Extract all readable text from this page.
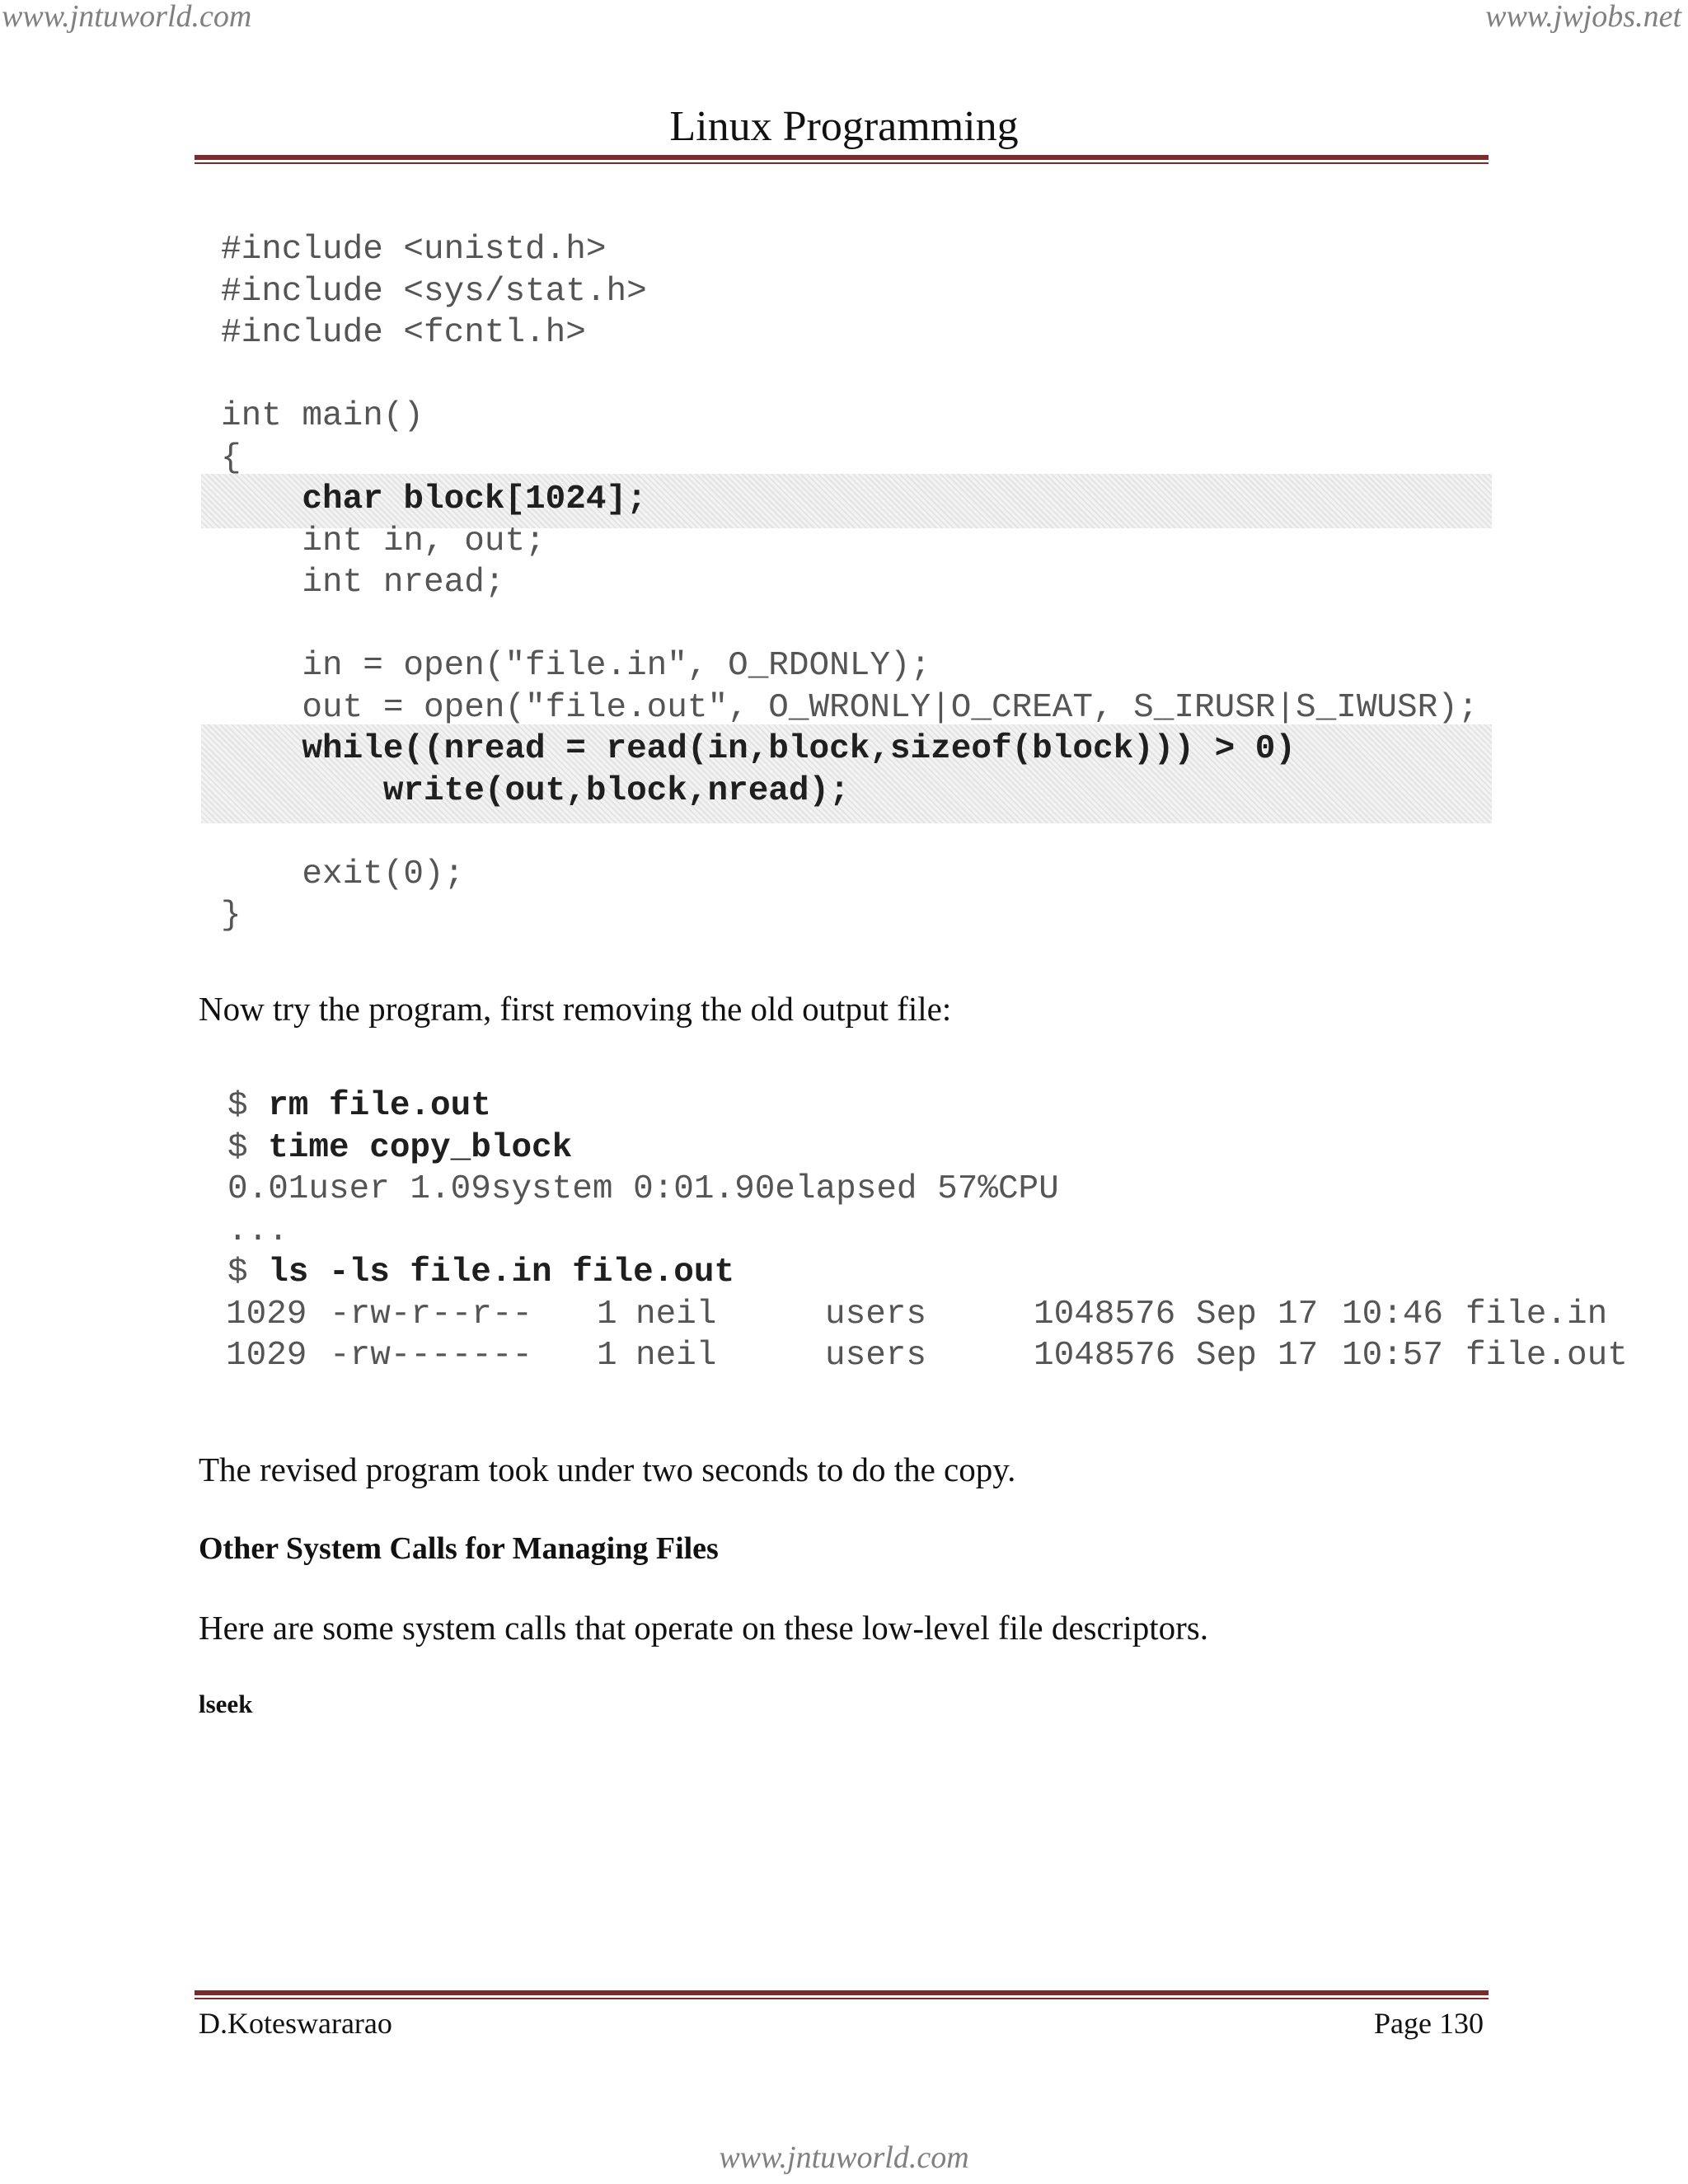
www.jntuworld.com	www.jwjobs.net
Linux Programming
#include <unistd.h>
#include <sys/stat.h>
#include <fcntl.h>
int main()
{
char block[1024];
int in, out;
int nread;
in = open("file.in", O_RDONLY);
out = open("file.out", O_WRONLY|O_CREAT, S_IRUSR|S_IWUSR);
while((nread = read(in,block,sizeof(block))) > 0)
write(out,block,nread);
exit(0);
}

Now try the program, first removing the old output file:

$ rm file.out
$ time copy_block
0.01user 1.09system 0:01.90elapsed 57%CPU
...
$ ls -ls file.in file.out
1029 -rw-r--r-- 1 neil	users	1048576 Sep 17 10:46 file.in
1029 -rw------- 1 neil	users	1048576 Sep 17 10:57 file.out

The revised program took under two seconds to do the copy.

Other System Calls for Managing Files

Here are some system calls that operate on these low-level file descriptors.

lseek
D.Koteswararao	Page 130
www.jntuworld.com
